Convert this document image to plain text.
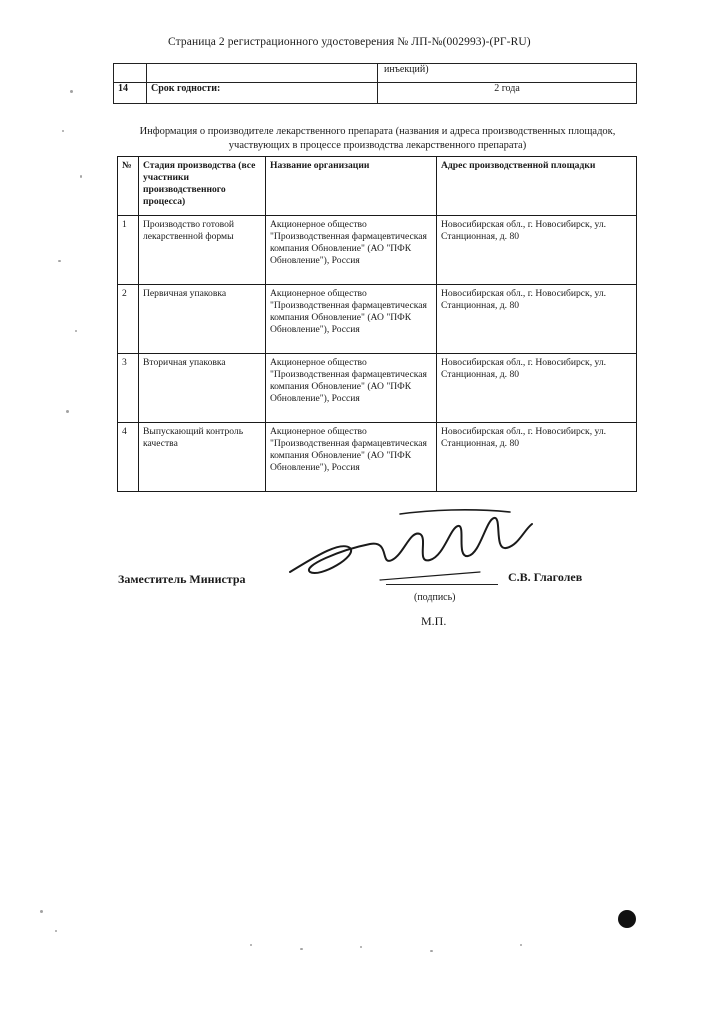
Страница 2 регистрационного удостоверения № ЛП-№(002993)-(РГ-RU)
		инъекций)
14	Срок годности:	2 года
Информация о производителе лекарственного препарата (названия и адреса производственных площадок,
участвующих в процессе производства лекарственного препарата)
№	Стадия производства (все участники производственного процесса)	Название организации	Адрес производственной площадки
1	Производство готовой лекарственной формы	Акционерное общество "Производственная фармацевтическая компания Обновление" (АО "ПФК Обновление"), Россия	Новосибирская обл., г. Новосибирск, ул. Станционная, д. 80
2	Первичная упаковка	Акционерное общество "Производственная фармацевтическая компания Обновление" (АО "ПФК Обновление"), Россия	Новосибирская обл., г. Новосибирск, ул. Станционная, д. 80
3	Вторичная упаковка	Акционерное общество "Производственная фармацевтическая компания Обновление" (АО "ПФК Обновление"), Россия	Новосибирская обл., г. Новосибирск, ул. Станционная, д. 80
4	Выпускающий контроль качества	Акционерное общество "Производственная фармацевтическая компания Обновление" (АО "ПФК Обновление"), Россия	Новосибирская обл., г. Новосибирск, ул. Станционная, д. 80
Заместитель Министра	С.В. Глаголев
(подпись)
М.П.
